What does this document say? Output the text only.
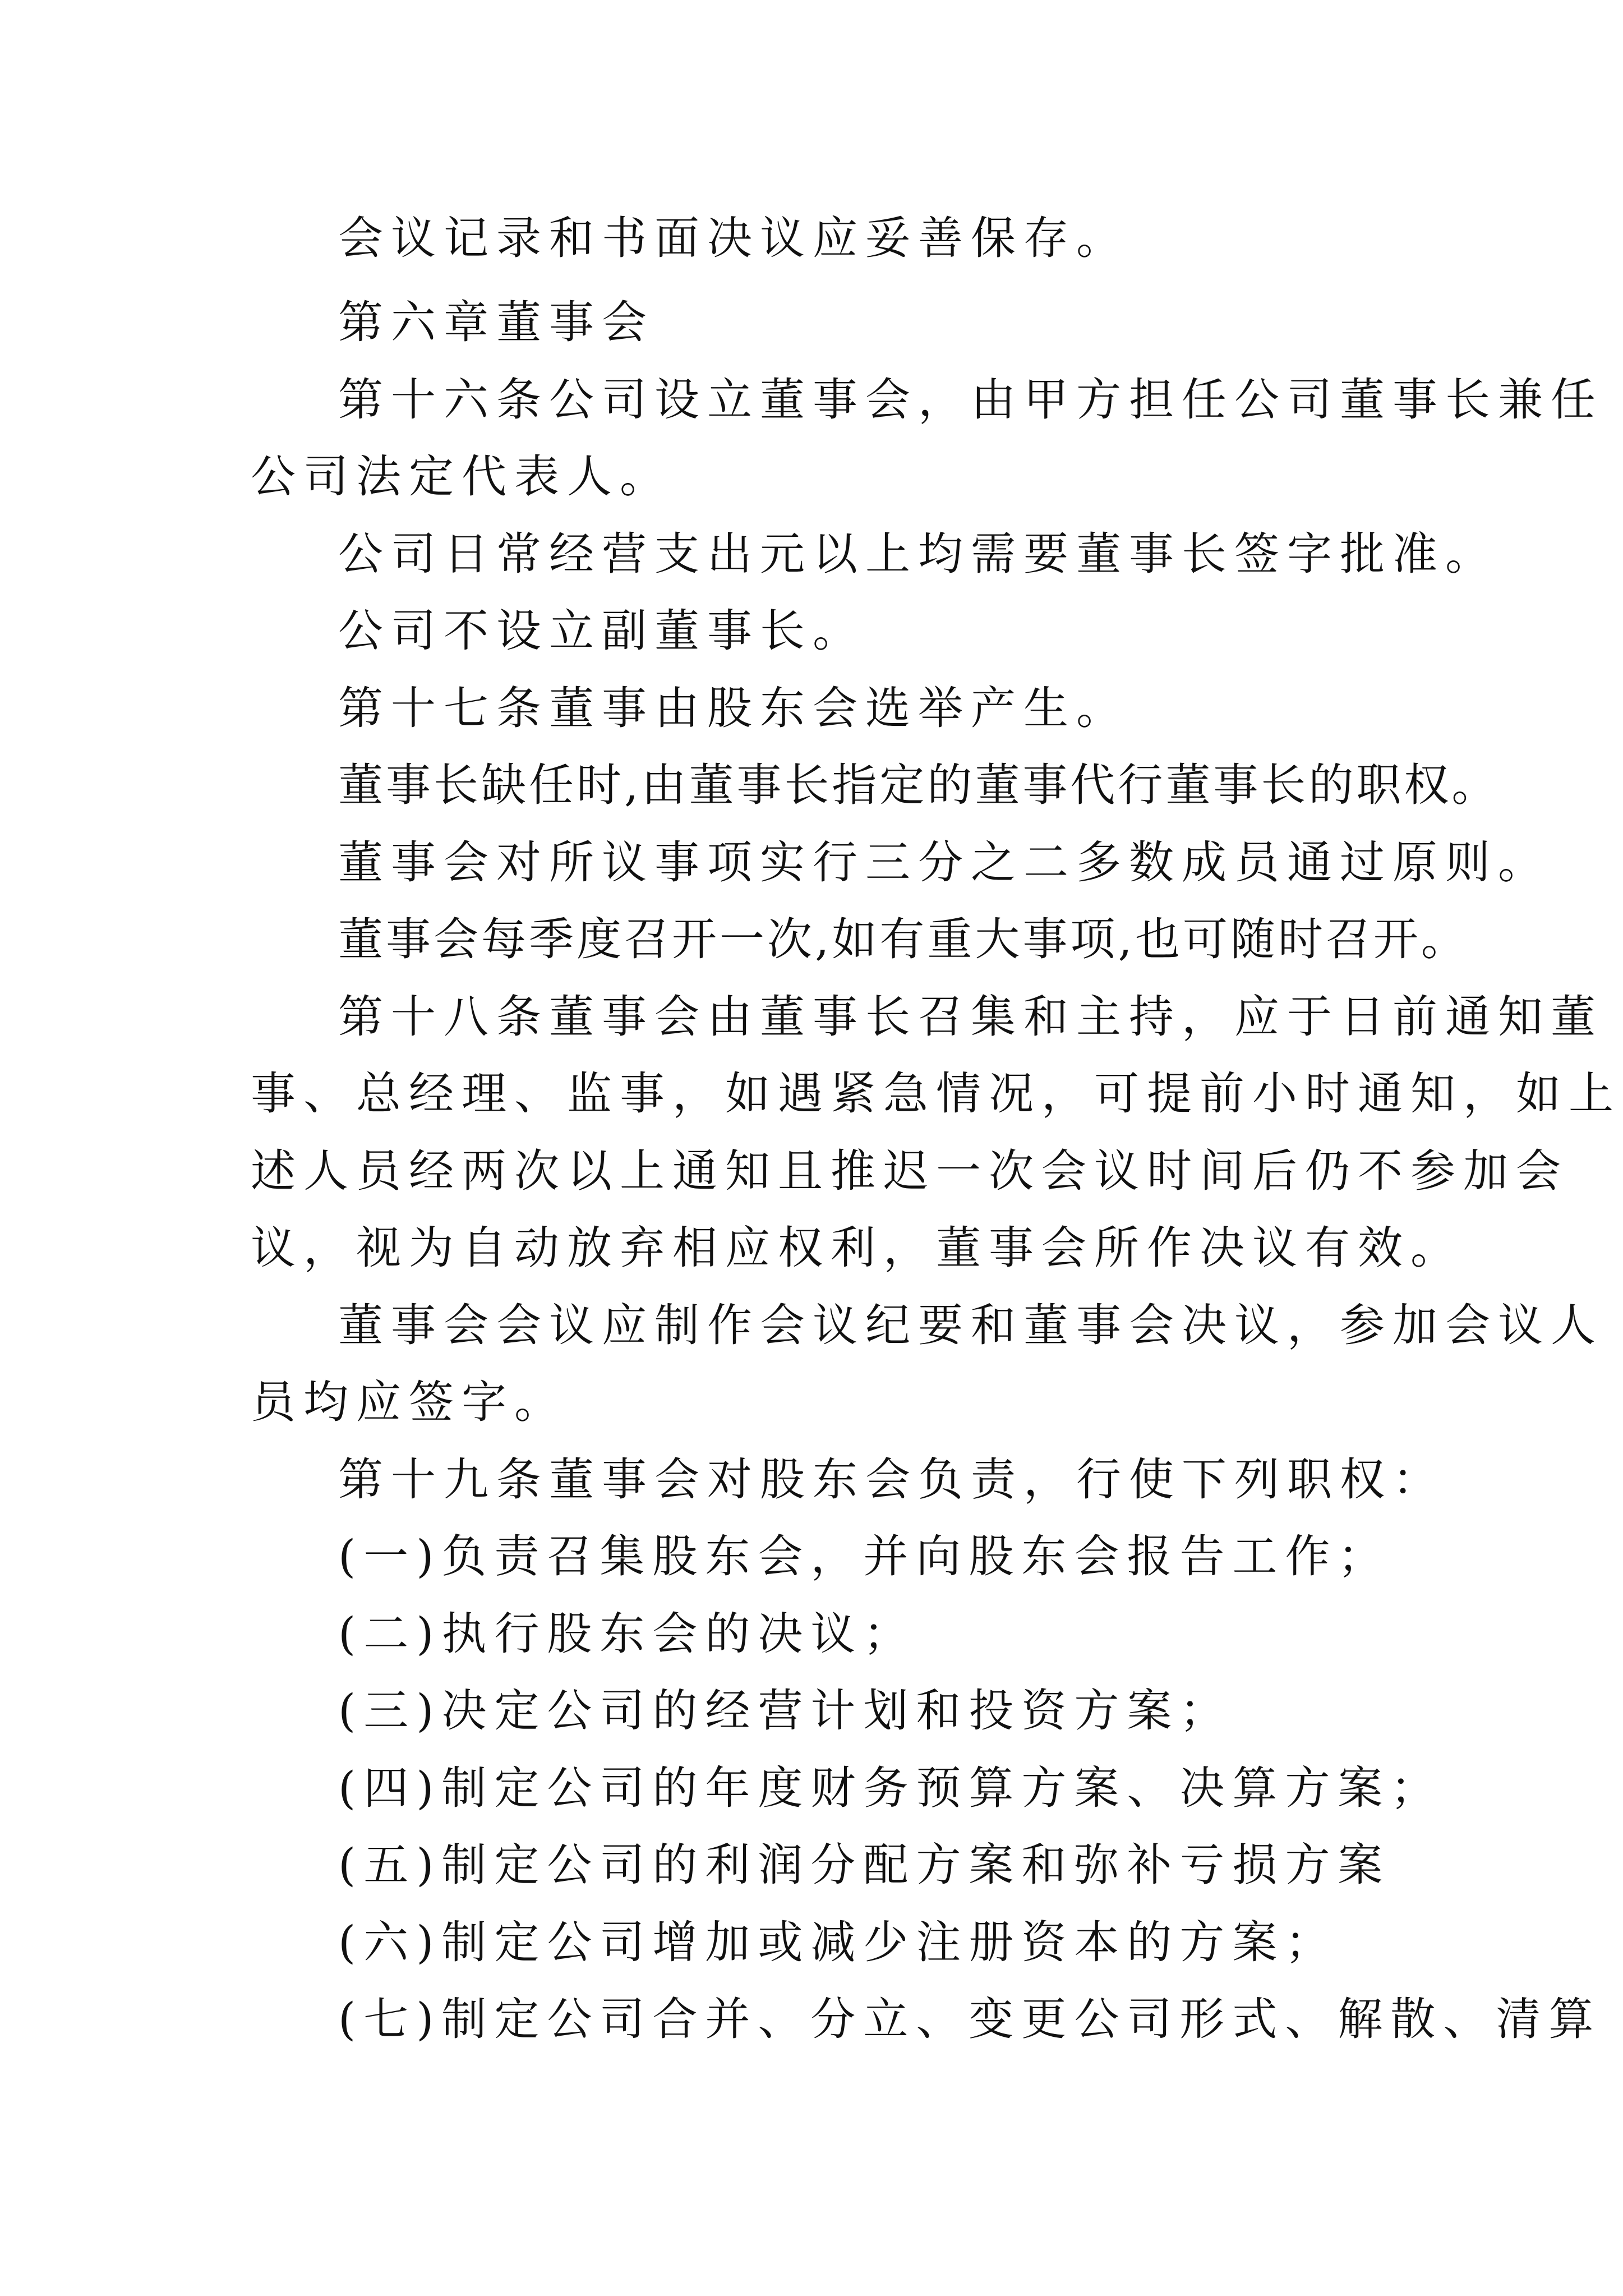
会议记录和书面决议应妥善保存。
第六章董事会
第十六条公司设立董事会，由甲方担任公司董事长兼任
公司法定代表人。
公司日常经营支出元以上均需要董事长签字批准。
公司不设立副董事长。
第十七条董事由股东会选举产生。
董事长缺任时,由董事长指定的董事代行董事长的职权。
董事会对所议事项实行三分之二多数成员通过原则。
董事会每季度召开一次,如有重大事项,也可随时召开。
第十八条董事会由董事长召集和主持，应于日前通知董
事、总经理、监事，如遇紧急情况，可提前小时通知，如上
述人员经两次以上通知且推迟一次会议时间后仍不参加会
议，视为自动放弃相应权利，董事会所作决议有效。
董事会会议应制作会议纪要和董事会决议，参加会议人
员均应签字。
第十九条董事会对股东会负责，行使下列职权：
(一)负责召集股东会，并向股东会报告工作；
(二)执行股东会的决议；
(三)决定公司的经营计划和投资方案；
(四)制定公司的年度财务预算方案、决算方案；
(五)制定公司的利润分配方案和弥补亏损方案
(六)制定公司增加或减少注册资本的方案；
(七)制定公司合并、分立、变更公司形式、解散、清算
